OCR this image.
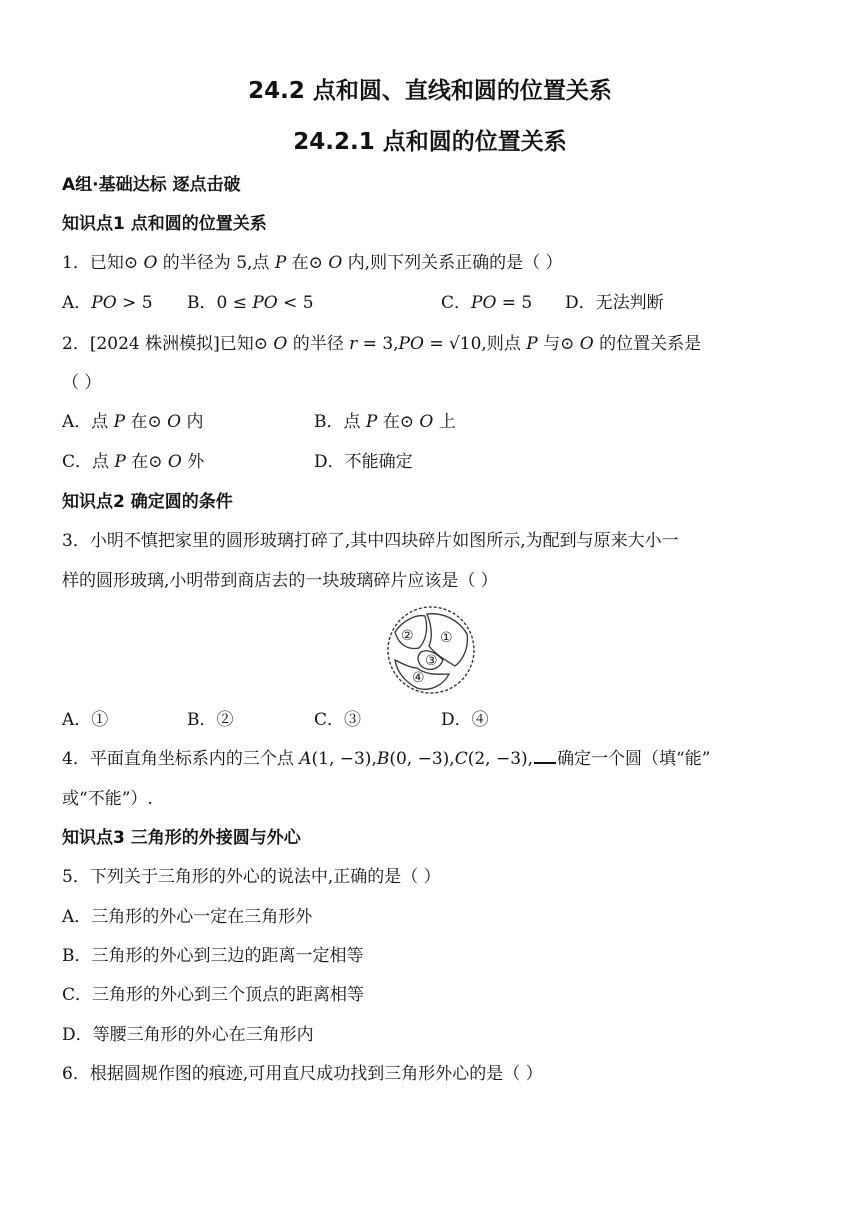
24.2 点和圆、直线和圆的位置关系
24.2.1 点和圆的位置关系
A组·基础达标 逐点击破
知识点1 点和圆的位置关系
1．已知⊙ 𝑂 的半径为 5,点 𝑃 在⊙ 𝑂 内,则下列关系正确的是（ ）
A．𝑃𝑂 > 5 B．0 ≤ 𝑃𝑂 < 5	C．𝑃𝑂 = 5 D．无法判断
2．[2024 株洲模拟]已知⊙ 𝑂 的半径 𝑟 = 3,𝑃𝑂 = √10,则点 𝑃 与⊙ 𝑂 的位置关系是
（ ）
A．点 𝑃 在⊙ 𝑂 内	B．点 𝑃 在⊙ 𝑂 上
C．点 𝑃 在⊙ 𝑂 外	D．不能确定
知识点2 确定圆的条件
3．小明不慎把家里的圆形玻璃打碎了,其中四块碎片如图所示,为配到与原来大小一
样的圆形玻璃,小明带到商店去的一块玻璃碎片应该是（ ）
② ①
③
④
A．①	B．②	C．③	D．④
4．平面直角坐标系内的三个点 𝐴(1, −3),𝐵(0, −3),𝐶(2, −3), 确定一个圆（填“能”
或“不能”）.
知识点3 三角形的外接圆与外心
5．下列关于三角形的外心的说法中,正确的是（ ）
A．三角形的外心一定在三角形外
B．三角形的外心到三边的距离一定相等
C．三角形的外心到三个顶点的距离相等
D．等腰三角形的外心在三角形内
6．根据圆规作图的痕迹,可用直尺成功找到三角形外心的是（ ）
